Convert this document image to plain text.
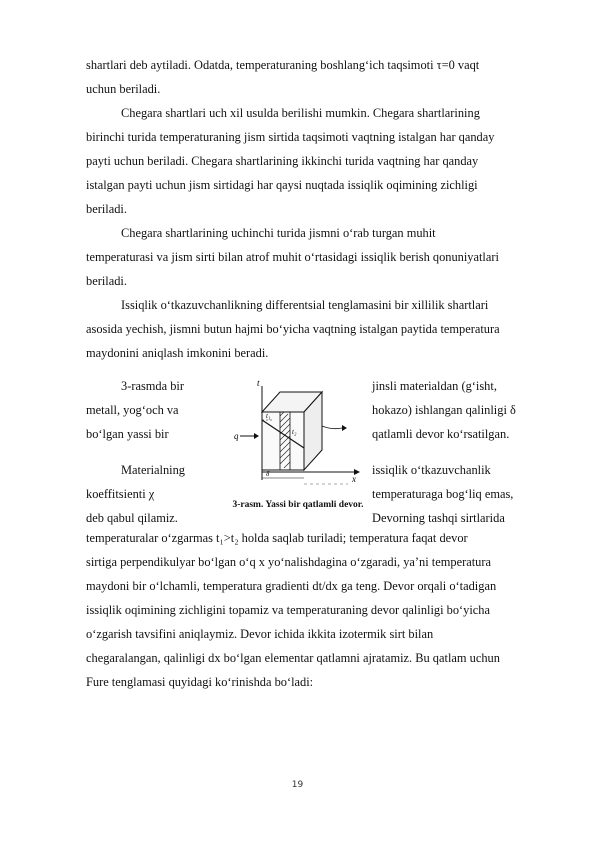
shartlari deb aytiladi. Odatda, temperaturaning boshlang‘ich taqsimoti τ=0 vaqt
uchun beriladi.
Chegara shartlari uch xil usulda berilishi mumkin. Chegara shartlarining
birinchi turida temperaturaning jism sirtida taqsimoti vaqtning istalgan har qanday
payti uchun beriladi. Chegara shartlarining ikkinchi turida vaqtning har qanday
istalgan payti uchun jism sirtidagi har qaysi nuqtada issiqlik oqimining zichligi
beriladi.
Chegara shartlarining uchinchi turida jismni o‘rab turgan muhit
temperaturasi va jism sirti bilan atrof muhit o‘rtasidagi issiqlik berish qonuniyatlari
beriladi.
Issiqlik o‘tkazuvchanlikning differentsial tenglamasini bir xillilik shartlari
asosida yechish, jismni butun hajmi bo‘yicha vaqtning istalgan paytida temperatura
maydonini aniqlash imkonini beradi.
3-rasmda bir
metall, yog‘och va
bo‘lgan yassi bir
Materialning
koeffitsienti χ
deb qabul qilamiz.
jinsli materialdan (g‘isht,
hokazo) ishlangan qalinligi δ
qatlamli devor ko‘rsatilgan.
issiqlik o‘tkazuvchanlik
temperaturaga bog‘liq emas,
Devorning tashqi sirtlarida
t
x
t₁
t₂
q
δ
3-rasm. Yassi bir qatlamli devor.
temperaturalar o‘zgarmas t₁>t₂ holda saqlab turiladi; temperatura faqat devor
sirtiga perpendikulyar bo‘lgan o‘q x yo‘nalishdagina o‘zgaradi, ya’ni temperatura
maydoni bir o‘lchamli, temperatura gradienti dt/dx ga teng. Devor orqali o‘tadigan
issiqlik oqimining zichligini topamiz va temperaturaning devor qalinligi bo‘yicha
o‘zgarish tavsifini aniqlaymiz. Devor ichida ikkita izotermik sirt bilan
chegaralangan, qalinligi dx bo‘lgan elementar qatlamni ajratamiz. Bu qatlam uchun
Fure tenglamasi quyidagi ko‘rinishda bo‘ladi:
19
